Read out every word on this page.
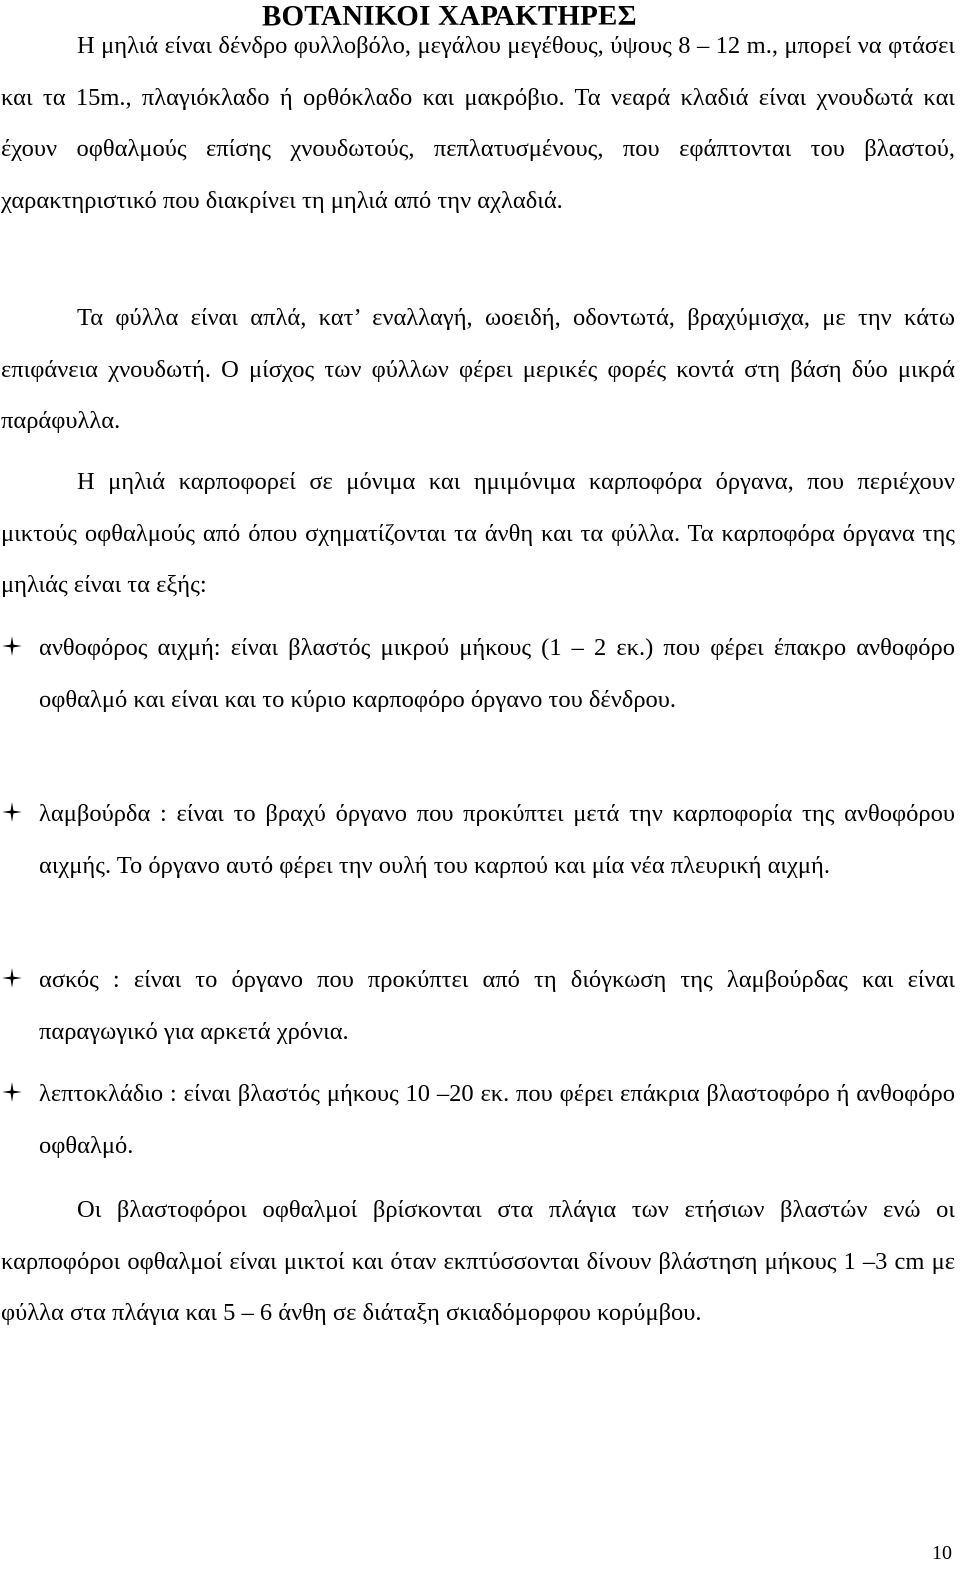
ΒΟΤΑΝΙΚΟΙ ΧΑΡΑΚΤΗΡΕΣ

Η μηλιά είναι δένδρο φυλλοβόλο, μεγάλου μεγέθους, ύψους 8 – 12 m., μπορεί να φτάσει και τα 15m., πλαγιόκλαδο ή ορθόκλαδο και μακρόβιο. Τα νεαρά κλαδιά είναι χνουδωτά και έχουν οφθαλμούς επίσης χνουδωτούς, πεπλατυσμένους, που εφάπτονται του βλαστού, χαρακτηριστικό που διακρίνει τη μηλιά από την αχλαδιά.

Τα φύλλα είναι απλά, κατ’ εναλλαγή, ωοειδή, οδοντωτά, βραχύμισχα, με την κάτω επιφάνεια χνουδωτή. Ο μίσχος των φύλλων φέρει μερικές φορές κοντά στη βάση δύο μικρά παράφυλλα.

Η μηλιά καρποφορεί σε μόνιμα και ημιμόνιμα καρποφόρα όργανα, που περιέχουν μικτούς οφθαλμούς από όπου σχηματίζονται τα άνθη και τα φύλλα. Τα καρποφόρα όργανα της μηλιάς είναι τα εξής:

ανθοφόρος αιχμή: είναι βλαστός μικρού μήκους (1 – 2 εκ.) που φέρει έπακρο ανθοφόρο οφθαλμό και είναι και το κύριο καρποφόρο όργανο του δένδρου.

λαμβούρδα : είναι το βραχύ όργανο που προκύπτει μετά την καρποφορία της ανθοφόρου αιχμής. Το όργανο αυτό φέρει την ουλή του καρπού και μία νέα πλευρική αιχμή.

ασκός : είναι το όργανο που προκύπτει από τη διόγκωση της λαμβούρδας και είναι παραγωγικό για αρκετά χρόνια.

λεπτοκλάδιο : είναι βλαστός μήκους 10 –20 εκ. που φέρει επάκρια βλαστοφόρο ή ανθοφόρο οφθαλμό.

Οι βλαστοφόροι οφθαλμοί βρίσκονται στα πλάγια των ετήσιων βλαστών ενώ οι καρποφόροι οφθαλμοί είναι μικτοί και όταν εκπτύσσονται δίνουν βλάστηση μήκους 1 –3 cm με φύλλα στα πλάγια και 5 – 6 άνθη σε διάταξη σκιαδόμορφου κορύμβου.

10
